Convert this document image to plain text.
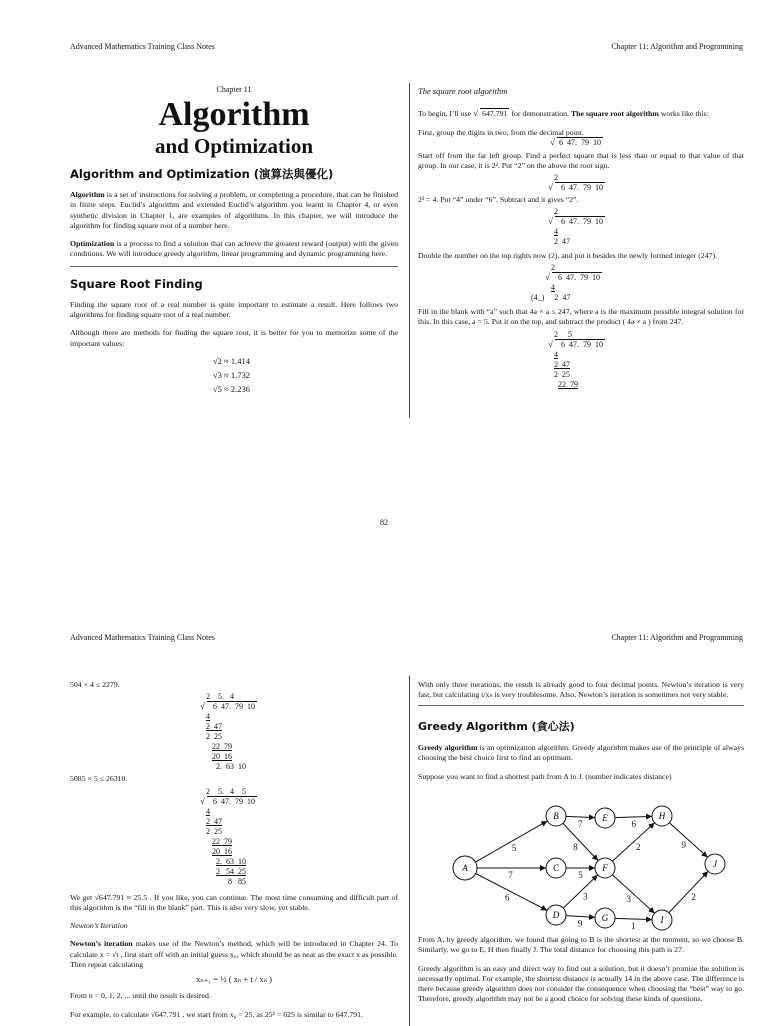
Advanced Mathematics Training Class Notes	Chapter 11: Algorithm and Programming
Chapter 11
Algorithm
and Optimization
Algorithm and Optimization (演算法與優化)

Algorithm is a set of instructions for solving a problem, or completing a procedure, that can be finished in finite steps. Euclid’s algorithm and extended Euclid’s algorithm you learnt in Chapter 4, or even synthetic division in Chapter 1, are examples of algorithms. In this chapter, we will introduce the algorithm for finding square root of a number here.

Optimization is a process to find a solution that can achieve the greatest reward (output) with the given conditions. We will introduce greedy algorithm, linear programming and dynamic programming here.

Square Root Finding

Finding the square root of a real number is quite important to estimate a result. Here follows two algorithms for finding square root of a real number.

Although there are methods for finding the square root, it is better for you to memorize some of the important values:

√2 ≈ 1.414
√3 ≈ 1.732
√5 ≈ 2.236

The square root algorithm

To begin, I’ll use √ 647.791 for demonstration. The square root algorithm works like this:

First, group the digits in two, from the decimal point.

√ 6  47.  79  10

Start off from the far left group. Find a perfect square that is less than or equal to that value of that group. In our case, it is 2². Put “2” on the above the root sign.

2
√   6  47.  79  10

2² = 4. Put “4” under “6”. Subtract and it gives “2”.

2
√   6  47.  79  10
4
2  47

Double the number on the top rights now (2), and put it besides the newly formed integer (247).

2
√   6  47.  79  10
4
(4_)     2  47

Fill in the blank with “a” such that 4a × a ≤ 247, where a is the maximum possible integral solution for this. In this case, a = 5. Put it on the top, and subtract the product ( 4a × a ) from 247.

2     5
√   6  47.  79  10
4
2  47
2  25
22  79
82
Advanced Mathematics Training Class Notes	Chapter 11: Algorithm and Programming

504 × 4 ≤ 2279.

2    5.   4
√   6  47.  79  10
4
2  47
2  25
22  79
20  16
2.  63  10

5085 × 5 ≤ 26310.

2    5.   4    5
√   6  47.  79  10
4
2  47
2  25
22  79
20  16
2.  63  10
2   54  25
8   85

We get √647.791 ≈ 25.5 . If you like, you can continue. The most time consuming and difficult part of this algorithm is the “fill in the blank” part. This is also very slow, yet stable.

Newton’s Iteration

Newton’s iteration makes use of the Newton’s method, which will be introduced in Chapter 24. To calculate x = √t , first start off with an initial guess x₀, which should be as near as the exact x as possible. Then repeat calculating

xₙ₊₁ = ½ ( xₙ + t / xₙ )

From n = 0, 1, 2, ... until the result is desired.

For example, to calculate √647.791 , we start from x₀ = 25, as 25² = 625 is similar to 647.791.

With only three iterations, the result is already good to four decimal points. Newton’s iteration is very fast, but calculating t/xₙ is very troublesome. Also, Newton’s iteration is sometimes not very stable.

Greedy Algorithm (貪心法)

Greedy algorithm is an optimization algorithm. Greedy algorithm makes use of the principle of always choosing the best choice first to find an optimum.

Suppose you want to find a shortest path from A to J. (number indicates distance)

5
7
6
7
8
5
3
9
6
2
3
1
9
2
A
B
C
D
E
F
G
H
I
J

From A, by greedy algorithm, we found that going to B is the shortest at the moment, so we choose B. Similarly, we go to E, H then finally J. The total distance for choosing this path is 27.

Greedy algorithm is an easy and direct way to find out a solution, but it doesn’t promise the solution is necessarily optimal. For example, the shortest distance is actually 14 in the above case. The difference is there because greedy algorithm does not consider the consequence when choosing the “best” way to go. Therefore, greedy algorithm may not be a good choice for solving these kinds of questions.
